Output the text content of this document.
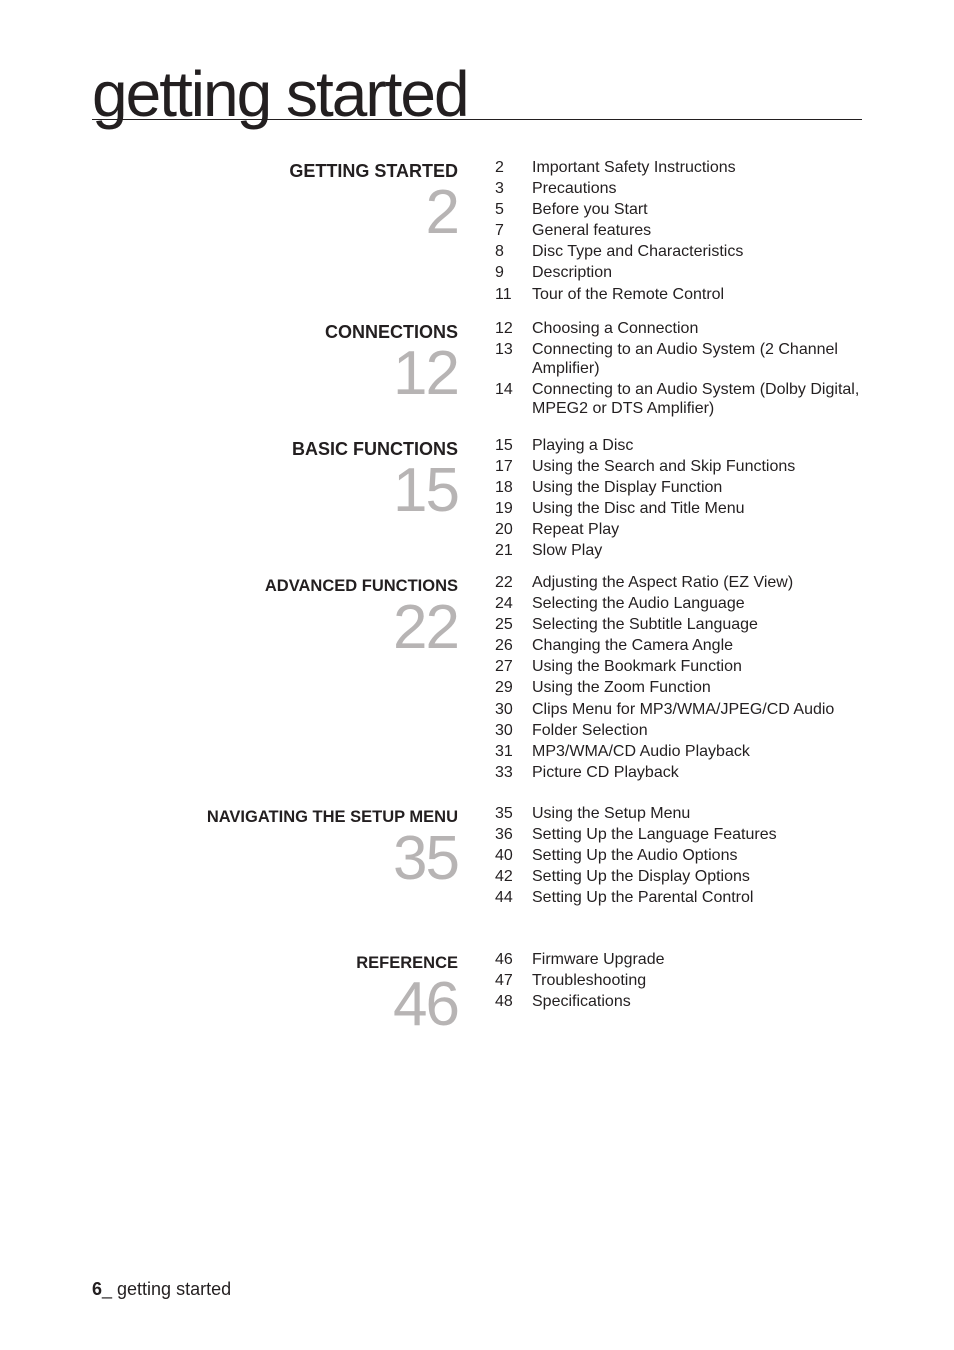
getting started
GETTING STARTED
2
2	Important Safety Instructions
3	Precautions
5	Before you Start
7	General features
8	Disc Type and Characteristics
9	Description
11	Tour of the Remote Control
CONNECTIONS
12
12	Choosing a Connection
13	Connecting to an Audio System (2 Channel Amplifier)
14	Connecting to an Audio System (Dolby Digital, MPEG2 or DTS Amplifier)
BASIC FUNCTIONS
15
15	Playing a Disc
17	Using the Search and Skip Functions
18	Using the Display Function
19	Using the Disc and Title Menu
20	Repeat Play
21	Slow Play
ADVANCED FUNCTIONS
22
22	Adjusting the Aspect Ratio (EZ View)
24	Selecting the Audio Language
25	Selecting the Subtitle Language
26	Changing the Camera Angle
27	Using the Bookmark Function
29	Using the Zoom Function
30	Clips Menu for MP3/WMA/JPEG/CD Audio
30	Folder Selection
31	MP3/WMA/CD Audio Playback
33	Picture CD Playback
NAVIGATING THE SETUP MENU
35
35	Using the Setup Menu
36	Setting Up the Language Features
40	Setting Up the Audio Options
42	Setting Up the Display Options
44	Setting Up the Parental Control
REFERENCE
46
46	Firmware Upgrade
47	Troubleshooting
48	Specifications
6_ getting started
